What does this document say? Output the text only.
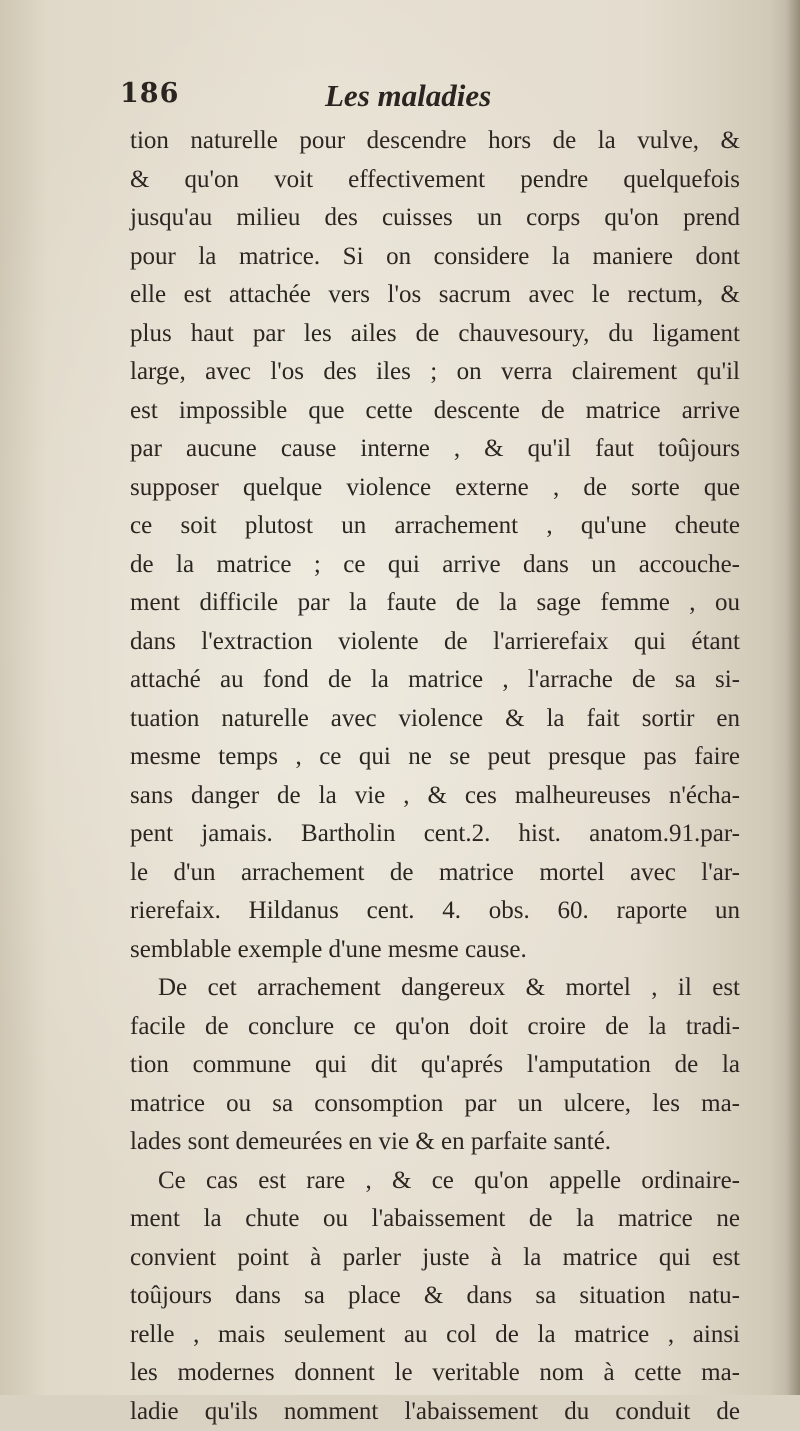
186	Les maladies
tion naturelle pour descendre hors de la vulve, &
& qu'on voit effectivement pendre quelquefois
jusqu'au milieu des cuisses un corps qu'on prend
pour la matrice. Si on considere la maniere dont
elle est attachée vers l'os sacrum avec le rectum, &
plus haut par les ailes de chauvesoury, du ligament
large, avec l'os des iles ; on verra clairement qu'il
est impossible que cette descente de matrice arrive
par aucune cause interne , & qu'il faut toûjours
supposer quelque violence externe , de sorte que
ce soit plutost un arrachement , qu'une cheute
de la matrice ; ce qui arrive dans un accouche-
ment difficile par la faute de la sage femme , ou
dans l'extraction violente de l'arrierefaix qui étant
attaché au fond de la matrice , l'arrache de sa si-
tuation naturelle avec violence & la fait sortir en
mesme temps , ce qui ne se peut presque pas faire
sans danger de la vie , & ces malheureuses n'écha-
pent jamais. Bartholin cent.2. hist. anatom.91.par-
le d'un arrachement de matrice mortel avec l'ar-
rierefaix. Hildanus cent. 4. obs. 60. raporte un
semblable exemple d'une mesme cause.
De cet arrachement dangereux & mortel , il est
facile de conclure ce qu'on doit croire de la tradi-
tion commune qui dit qu'aprés l'amputation de la
matrice ou sa consomption par un ulcere, les ma-
lades sont demeurées en vie & en parfaite santé.
Ce cas est rare , & ce qu'on appelle ordinaire-
ment la chute ou l'abaissement de la matrice ne
convient point à parler juste à la matrice qui est
toûjours dans sa place & dans sa situation natu-
relle , mais seulement au col de la matrice , ainsi
les modernes donnent le veritable nom à cette ma-
ladie qu'ils nomment l'abaissement du conduit de
